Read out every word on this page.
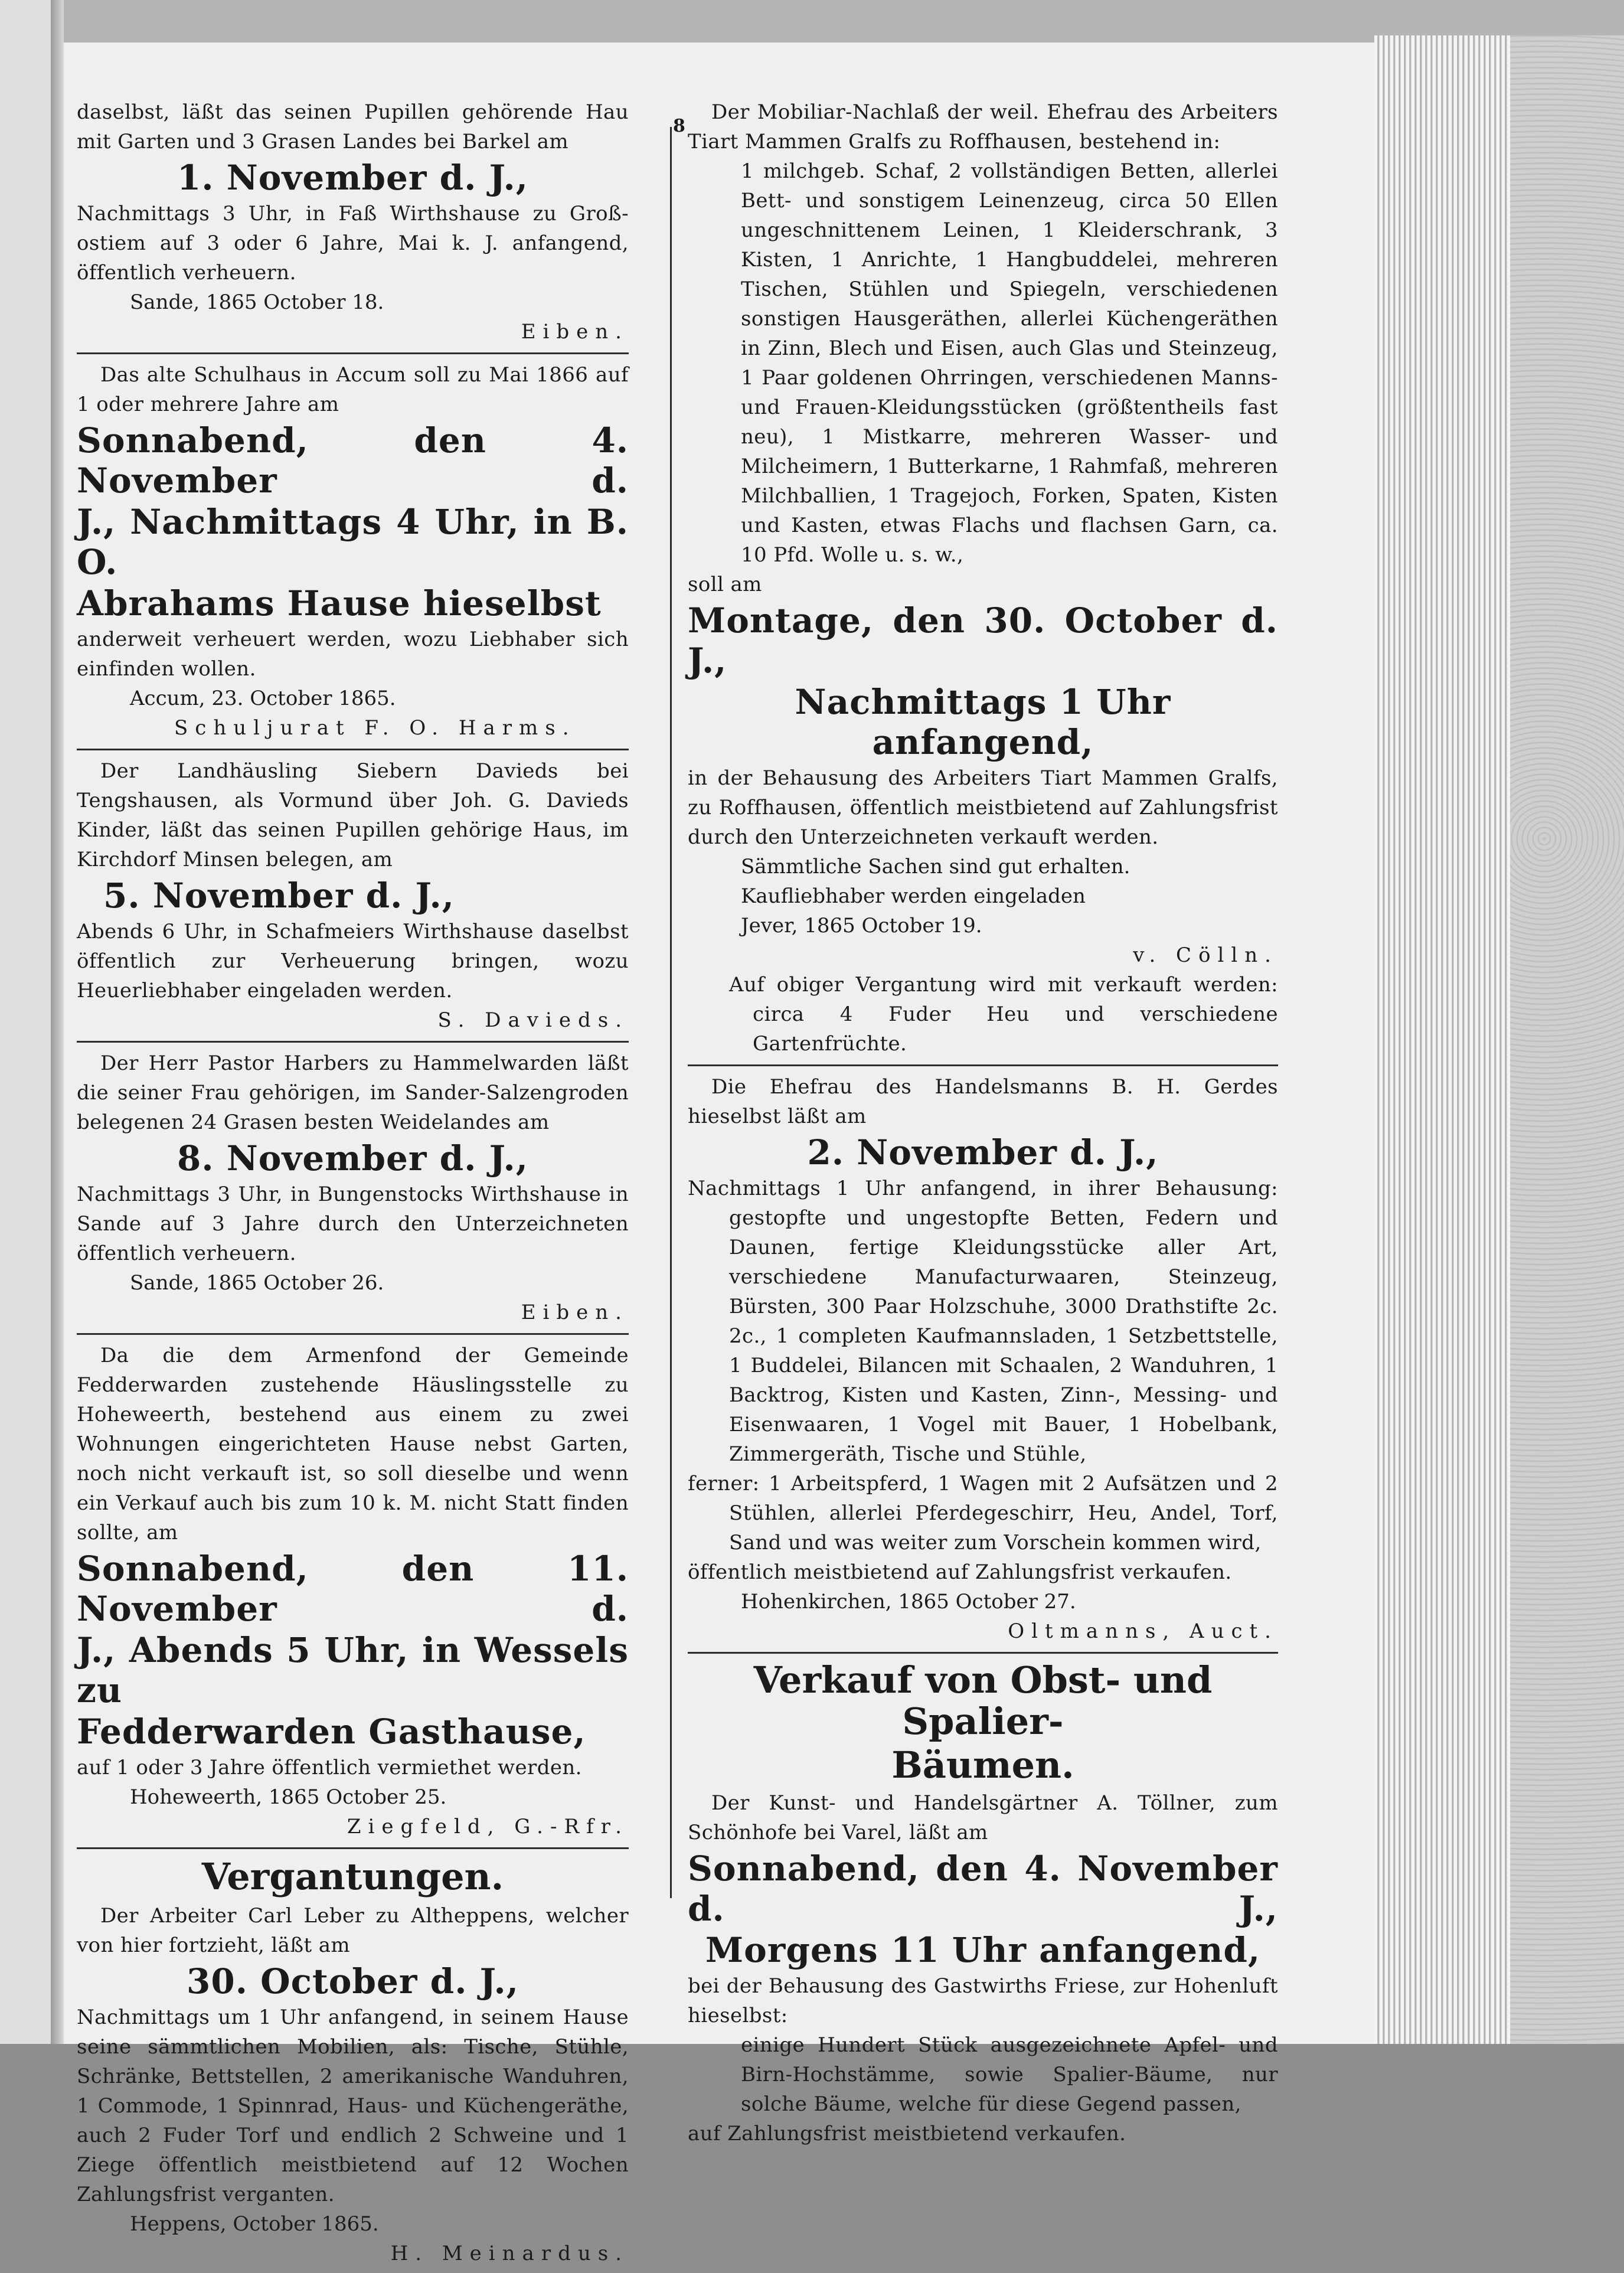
8

daselbst, läßt das seinen Pupillen gehörende Hau mit Garten und 3 Grasen Landes bei Barkel am

1. November d. J.,

Nachmittags 3 Uhr, in Faß Wirthshause zu Groß-ostiem auf 3 oder 6 Jahre, Mai k. J. anfangend, öffentlich verheuern.

Sande, 1865 October 18.

Eiben.

Das alte Schulhaus in Accum soll zu Mai 1866 auf 1 oder mehrere Jahre am

Sonnabend, den 4. November d.

J., Nachmittags 4 Uhr, in B. O.

Abrahams Hause hieselbst

anderweit verheuert werden, wozu Liebhaber sich einfinden wollen.

Accum, 23. October 1865.

Schuljurat F. O. Harms.

Der Landhäusling Siebern Davieds bei Tengshausen, als Vormund über Joh. G. Davieds Kinder, läßt das seinen Pupillen gehörige Haus, im Kirchdorf Minsen belegen, am

5. November d. J.,

Abends 6 Uhr, in Schafmeiers Wirthshause daselbst öffentlich zur Verheuerung bringen, wozu Heuerliebhaber eingeladen werden.

S. Davieds.

Der Herr Pastor Harbers zu Hammelwarden läßt die seiner Frau gehörigen, im Sander-Salzengroden belegenen 24 Grasen besten Weidelandes am

8. November d. J.,

Nachmittags 3 Uhr, in Bungenstocks Wirthshause in Sande auf 3 Jahre durch den Unterzeichneten öffentlich verheuern.

Sande, 1865 October 26.

Eiben.

Da die dem Armenfond der Gemeinde Fedderwarden zustehende Häuslingsstelle zu Hoheweerth, bestehend aus einem zu zwei Wohnungen eingerichteten Hause nebst Garten, noch nicht verkauft ist, so soll dieselbe und wenn ein Verkauf auch bis zum 10 k. M. nicht Statt finden sollte, am

Sonnabend, den 11. November d.

J., Abends 5 Uhr, in Wessels zu

Fedderwarden Gasthause,

auf 1 oder 3 Jahre öffentlich vermiethet werden.

Hoheweerth, 1865 October 25.

Ziegfeld, G.-Rfr.

Vergantungen.

Der Arbeiter Carl Leber zu Altheppens, welcher von hier fortzieht, läßt am

30. October d. J.,

Nachmittags um 1 Uhr anfangend, in seinem Hause seine sämmtlichen Mobilien, als: Tische, Stühle, Schränke, Bettstellen, 2 amerikanische Wanduhren, 1 Commode, 1 Spinnrad, Haus- und Küchengeräthe, auch 2 Fuder Torf und endlich 2 Schweine und 1 Ziege öffentlich meistbietend auf 12 Wochen Zahlungsfrist verganten.

Heppens, October 1865.

H. Meinardus.

Der Mobiliar-Nachlaß der weil. Ehefrau des Arbeiters Tiart Mammen Gralfs zu Roffhausen, bestehend in:

1 milchgeb. Schaf, 2 vollständigen Betten, allerlei Bett- und sonstigem Leinenzeug, circa 50 Ellen ungeschnittenem Leinen, 1 Kleiderschrank, 3 Kisten, 1 Anrichte, 1 Hangbuddelei, mehreren Tischen, Stühlen und Spiegeln, verschiedenen sonstigen Hausgeräthen, allerlei Küchengeräthen in Zinn, Blech und Eisen, auch Glas und Steinzeug, 1 Paar goldenen Ohrringen, verschiedenen Manns- und Frauen-Kleidungsstücken (größtentheils fast neu), 1 Mistkarre, mehreren Wasser- und Milcheimern, 1 Butterkarne, 1 Rahmfaß, mehreren Milchballien, 1 Tragejoch, Forken, Spaten, Kisten und Kasten, etwas Flachs und flachsen Garn, ca. 10 Pfd. Wolle u. s. w.,

soll am

Montage, den 30. October d. J.,

Nachmittags 1 Uhr anfangend,

in der Behausung des Arbeiters Tiart Mammen Gralfs, zu Roffhausen, öffentlich meistbietend auf Zahlungsfrist durch den Unterzeichneten verkauft werden.

Sämmtliche Sachen sind gut erhalten.

Kaufliebhaber werden eingeladen

Jever, 1865 October 19.

v. Cölln.

Auf obiger Vergantung wird mit verkauft werden: circa 4 Fuder Heu und verschiedene Gartenfrüchte.

Die Ehefrau des Handelsmanns B. H. Gerdes hieselbst läßt am

2. November d. J.,

Nachmittags 1 Uhr anfangend, in ihrer Behausung: gestopfte und ungestopfte Betten, Federn und Daunen, fertige Kleidungsstücke aller Art, verschiedene Manufacturwaaren, Steinzeug, Bürsten, 300 Paar Holzschuhe, 3000 Drathstifte 2c. 2c., 1 completen Kaufmannsladen, 1 Setzbettstelle, 1 Buddelei, Bilancen mit Schaalen, 2 Wanduhren, 1 Backtrog, Kisten und Kasten, Zinn-, Messing- und Eisenwaaren, 1 Vogel mit Bauer, 1 Hobelbank, Zimmergeräth, Tische und Stühle,

ferner: 1 Arbeitspferd, 1 Wagen mit 2 Aufsätzen und 2 Stühlen, allerlei Pferdegeschirr, Heu, Andel, Torf, Sand und was weiter zum Vorschein kommen wird,

öffentlich meistbietend auf Zahlungsfrist verkaufen.

Hohenkirchen, 1865 October 27.

Oltmanns, Auct.

Verkauf von Obst- und Spalier-

Bäumen.

Der Kunst- und Handelsgärtner A. Töllner, zum Schönhofe bei Varel, läßt am

Sonnabend, den 4. November d. J.,

Morgens 11 Uhr anfangend,

bei der Behausung des Gastwirths Friese, zur Hohenluft hieselbst:

einige Hundert Stück ausgezeichnete Apfel- und Birn-Hochstämme, sowie Spalier-Bäume, nur solche Bäume, welche für diese Gegend passen,

auf Zahlungsfrist meistbietend verkaufen.
